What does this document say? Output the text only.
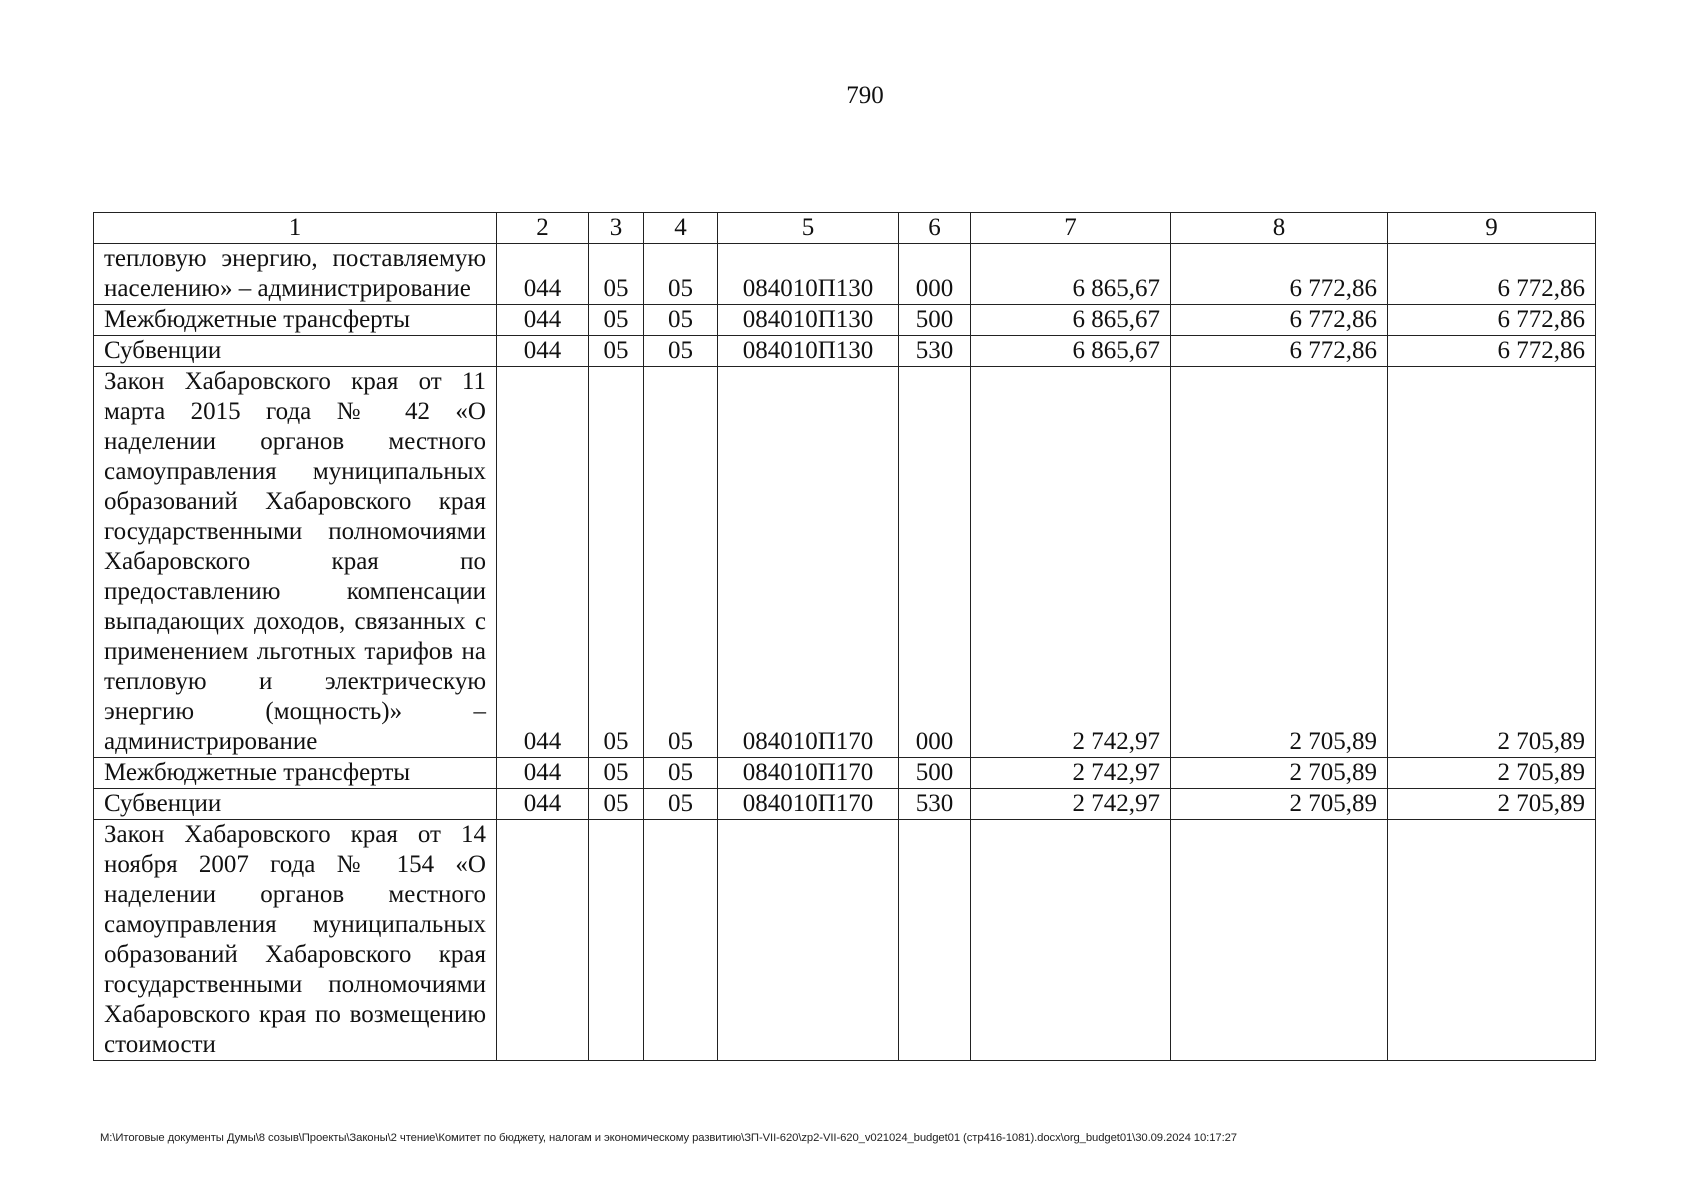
790
1	2	3	4	5	6	7	8	9
тепловую энергию, поставляемую населению» – администрирование	044	05	05	084010П130	000	6 865,67	6 772,86	6 772,86
Межбюджетные трансферты	044	05	05	084010П130	500	6 865,67	6 772,86	6 772,86
Субвенции	044	05	05	084010П130	530	6 865,67	6 772,86	6 772,86
Закон Хабаровского края от 11 марта 2015 года № 42 «О наделении органов местного самоуправления муниципальных образований Хабаровского края государственными полномочиями Хабаровского края по предоставлению компенсации выпадающих доходов, связанных с применением льготных тарифов на тепловую и электрическую энергию (мощность)» – администрирование	044	05	05	084010П170	000	2 742,97	2 705,89	2 705,89
Межбюджетные трансферты	044	05	05	084010П170	500	2 742,97	2 705,89	2 705,89
Субвенции	044	05	05	084010П170	530	2 742,97	2 705,89	2 705,89
Закон Хабаровского края от 14 ноября 2007 года № 154 «О наделении органов местного самоуправления муниципальных образований Хабаровского края государственными полномочиями Хабаровского края по возмещению стоимости								
M:\Итоговые документы Думы\8 созыв\Проекты\Законы\2 чтение\Комитет по бюджету, налогам и экономическому развитию\ЗП-VII-620\zp2-VII-620_v021024_budget01 (стр416-1081).docx\org_budget01\30.09.2024 10:17:27
